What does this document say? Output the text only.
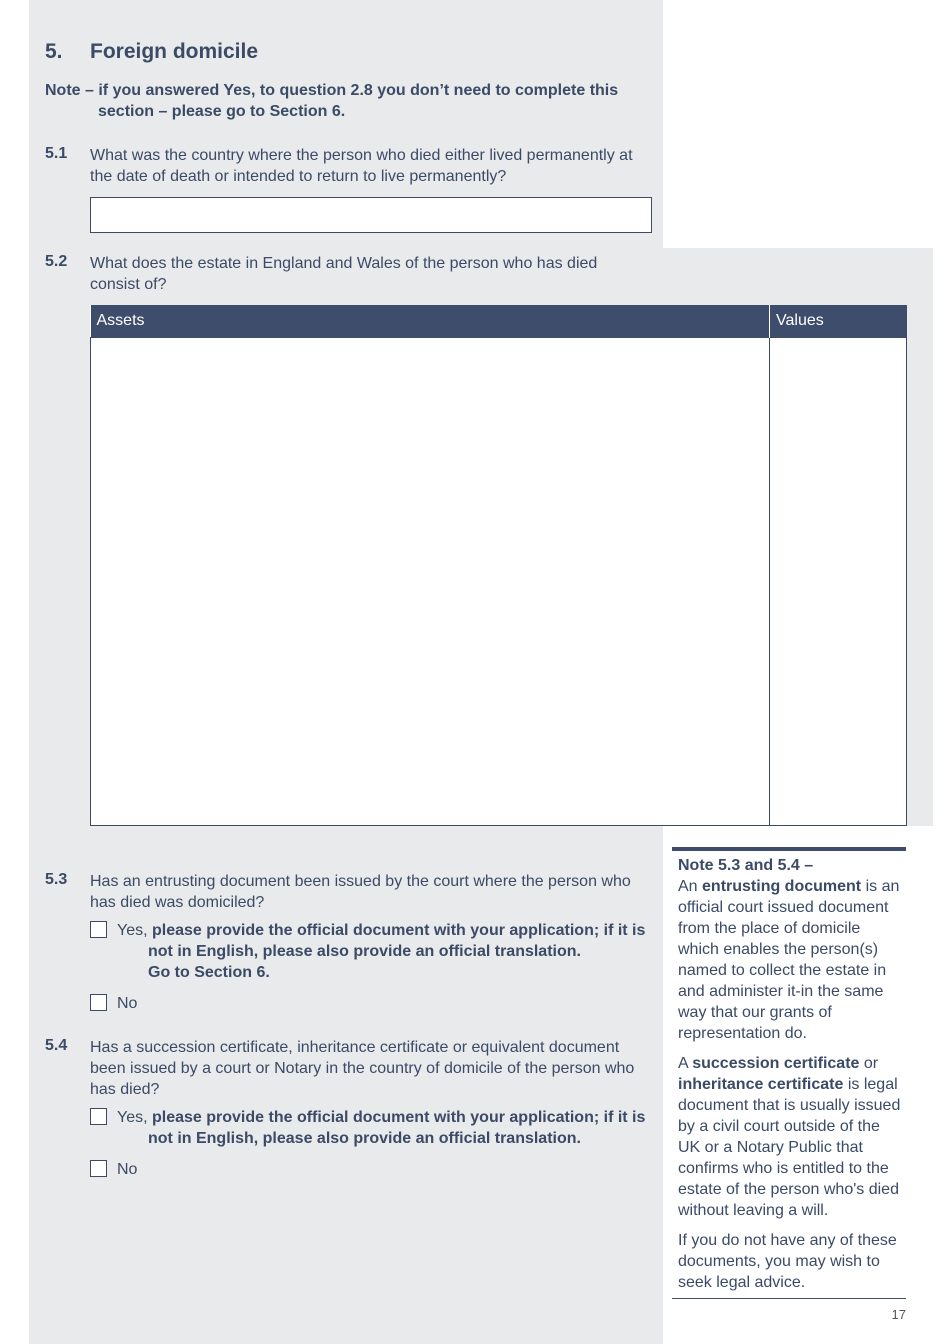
5. Foreign domicile
Note – if you answered Yes, to question 2.8 you don’t need to complete this
section – please go to Section 6.
5.1 What was the country where the person who died either lived permanently at the date of death or intended to return to live permanently?
5.2 What does the estate in England and Wales of the person who has died consist of?
Assets	Values

5.3 Has an entrusting document been issued by the court where the person who has died was domiciled?
Yes, please provide the official document with your application; if it is
not in English, please also provide an official translation.
Go to Section 6.
No
5.4 Has a succession certificate, inheritance certificate or equivalent document been issued by a court or Notary in the country of domicile of the person who has died?
Yes, please provide the official document with your application; if it is
not in English, please also provide an official translation.
No

Note 5.3 and 5.4 –

An entrusting document is an official court issued document from the place of domicile which enables the person(s) named to collect the estate in and administer it-in the same way that our grants of representation do.

A succession certificate or inheritance certificate is legal document that is usually issued by a civil court outside of the UK or a Notary Public that confirms who is entitled to the estate of the person who's died without leaving a will.

If you do not have any of these documents, you may wish to seek legal advice.

17
